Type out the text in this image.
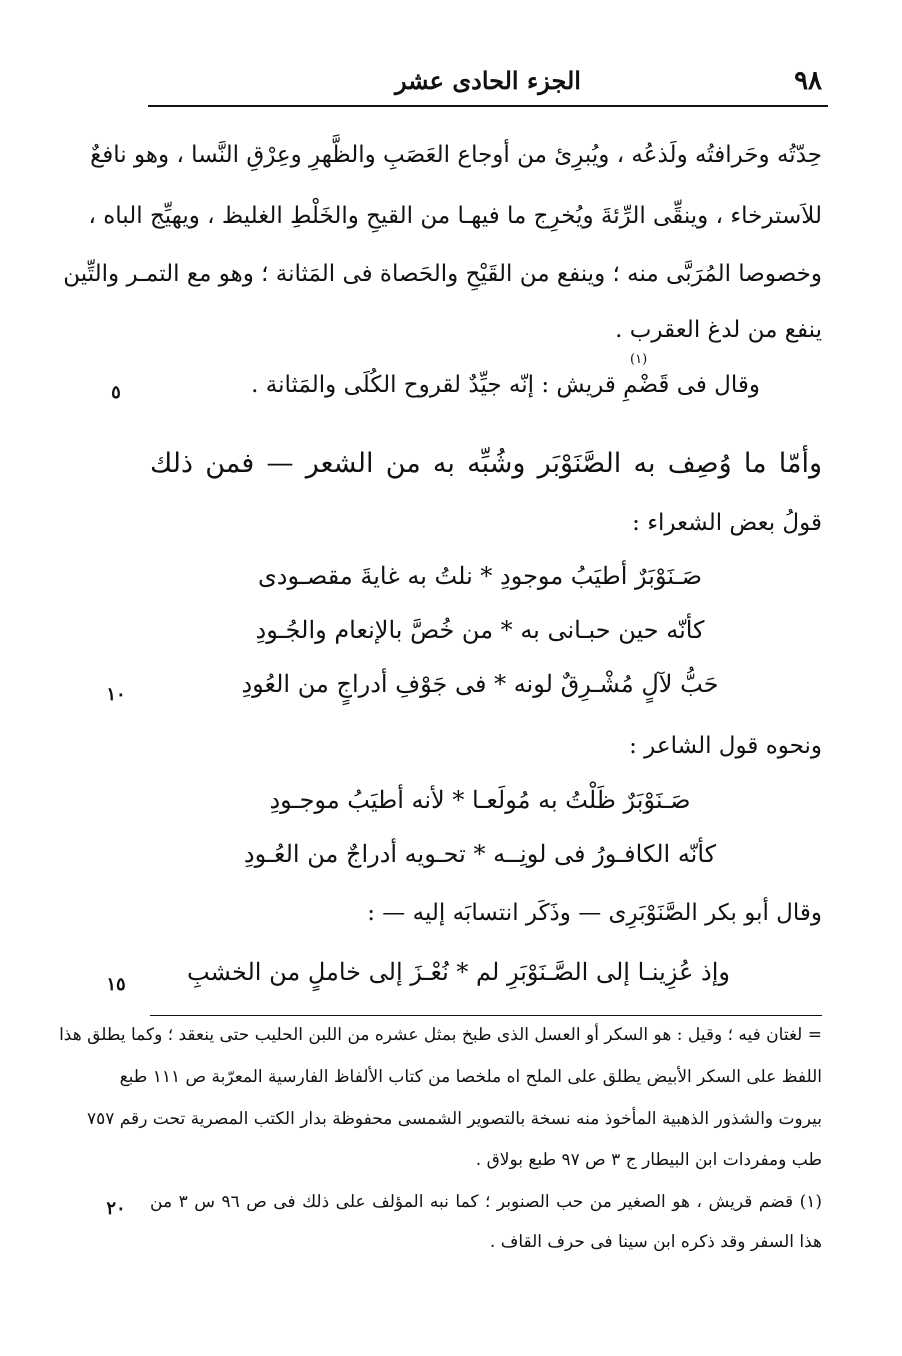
٩٨
الجزء الحادى عشر
حِدّتُه وحَرافتُه ولَذعُه ، ويُبرِئ من أوجاع العَصَبِ والظَّهرِ وعِرْقِ النَّسا ، وهو نافعٌ
للاَسترخاء ، وينقِّى الرِّئةَ ويُخرِج ما فيهـا من القيحِ والخَلْطِ الغليظ ، ويهيِّج الباه ،
وخصوصا المُرَبَّى منه ؛ وينفع من القَيْحِ والحَصاة فى المَثانة ؛ وهو مع التمـر والتِّين
ينفع من لدغ العقرب .
وقال فى قَضْمِ قريش : إنّه جيِّدٌ لقروح الكُلَى والمَثانة .
(١)
٥
وأمّا ما وُصِف به الصَّنَوْبَر وشُبِّه به من الشعر — فمن ذلك
قولُ بعض الشعراء :
صَـنَوْبَرٌ أطيَبُ موجودِ * نلتُ به غايةَ مقصـودى
كأنّه حين حبـانى به * من خُصَّ بالإنعام والجُـودِ
حَبُّ لآلٍ مُشْـرِقٌ لونه * فى جَوْفِ أدراجٍ من العُودِ
١٠
ونحوه قول الشاعر :
صَـنَوْبَرٌ ظَلْتُ به مُولَعـا * لأنه أطيَبُ موجـودِ
كأنّه الكافـورُ فى لونِــه * تحـويه أدراجٌ من العُـودِ
وقال أبو بكر الصَّنَوْبَرِى — وذَكَر انتسابَه إليه — :
وإذ عُزِينـا إلى الصَّـنَوْبَرِ لم * نُعْـزَ إلى خاملٍ من الخشبِ
١٥
= لغتان فيه ؛ وقيل : هو السكر أو العسل الذى طبخ بمثل عشره من اللبن الحليب حتى ينعقد ؛ وكما يطلق هذا
اللفظ على السكر الأبيض يطلق على الملح اه ملخصا من كتاب الألفاظ الفارسية المعرّبة ص ١١١ طبع
بيروت والشذور الذهبية المأخوذ منه نسخة بالتصوير الشمسى محفوظة بدار الكتب المصرية تحت رقم ٧٥٧
طب ومفردات ابن البيطار ج ٣ ص ٩٧ طبع بولاق .
(١) قضم قريش ، هو الصغير من حب الصنوبر ؛ كما نبه المؤلف على ذلك فى ص ٩٦ س ٣ من
هذا السفر وقد ذكره ابن سينا فى حرف القاف .
٢٠
